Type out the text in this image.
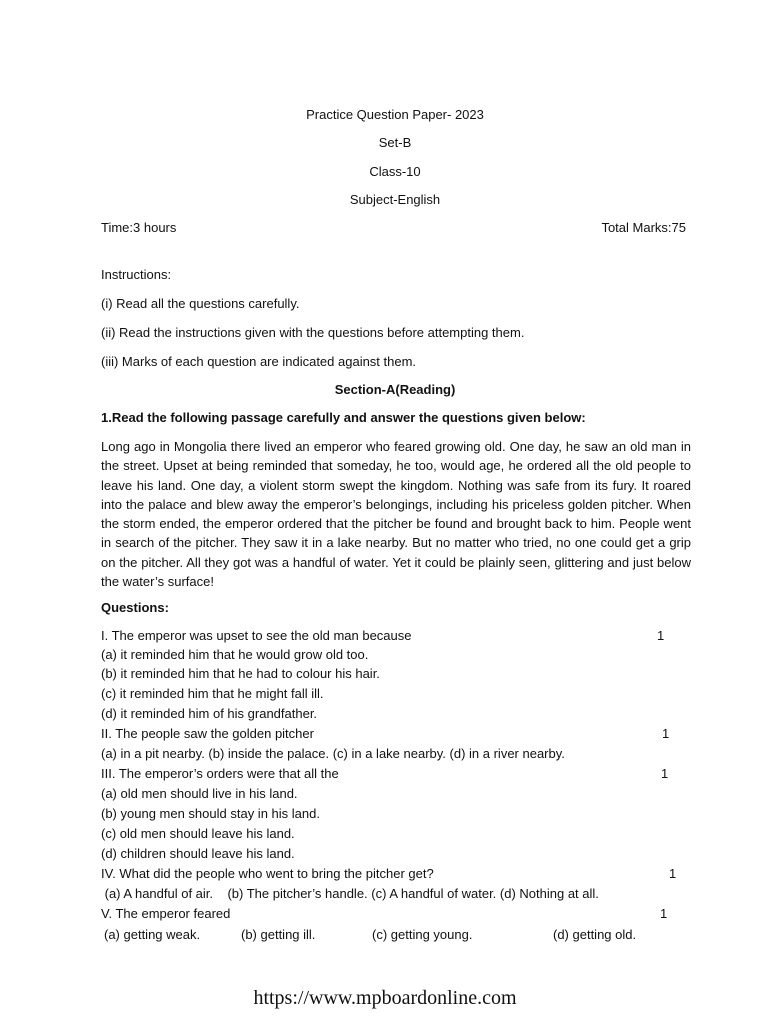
Practice Question Paper- 2023
Set-B
Class-10
Subject-English
Time:3 hours	Total Marks:75
Instructions:
(i) Read all the questions carefully.
(ii) Read the instructions given with the questions before attempting them.
(iii) Marks of each question are indicated against them.
Section-A(Reading)
1.Read the following passage carefully and answer the questions given below:
Long ago in Mongolia there lived an emperor who feared growing old. One day, he saw an old man in the street. Upset at being reminded that someday, he too, would age, he ordered all the old people to leave his land. One day, a violent storm swept the kingdom. Nothing was safe from its fury. It roared into the palace and blew away the emperor’s belongings, including his priceless golden pitcher. When the storm ended, the emperor ordered that the pitcher be found and brought back to him. People went in search of the pitcher. They saw it in a lake nearby. But no matter who tried, no one could get a grip on the pitcher. All they got was a handful of water. Yet it could be plainly seen, glittering and just below the water’s surface!
Questions:
I. The emperor was upset to see the old man because	1
(a) it reminded him that he would grow old too.
(b) it reminded him that he had to colour his hair.
(c) it reminded him that he might fall ill.
(d) it reminded him of his grandfather.
II. The people saw the golden pitcher	1
(a) in a pit nearby. (b) inside the palace. (c) in a lake nearby. (d) in a river nearby.
III. The emperor’s orders were that all the	1
(a) old men should live in his land.
(b) young men should stay in his land.
(c) old men should leave his land.
(d) children should leave his land.
IV. What did the people who went to bring the pitcher get?	1
(a) A handful of air.    (b) The pitcher’s handle. (c) A handful of water. (d) Nothing at all.
V. The emperor feared	1
(a) getting weak.	(b) getting ill.	(c) getting young.	(d) getting old.
https://www.mpboardonline.com
